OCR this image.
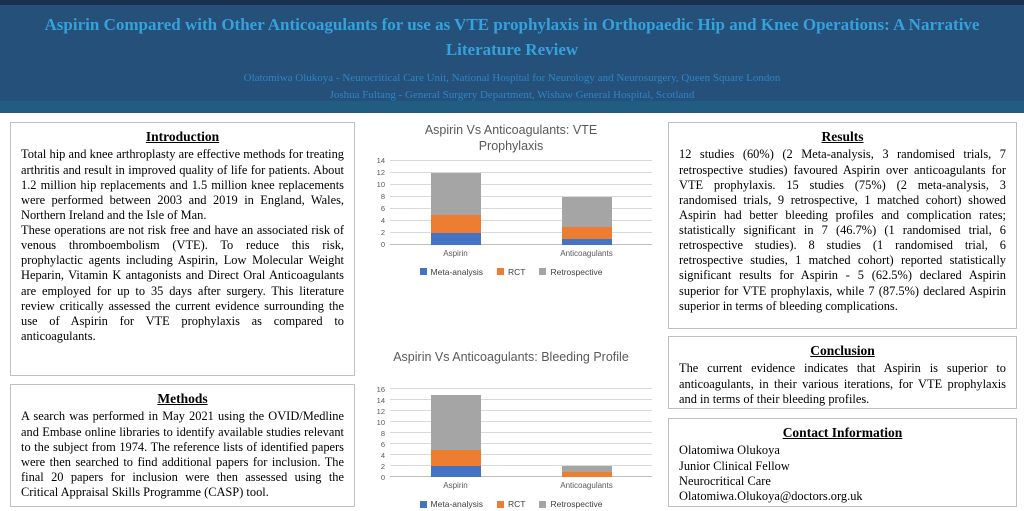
Aspirin Compared with Other Anticoagulants for use as VTE prophylaxis in Orthopaedic Hip and Knee Operations: A Narrative Literature Review
Olatomiwa Olukoya - Neurocritical Care Unit, National Hospital for Neurology and Neurosurgery, Queen Square London
Joshua Fultang - General Surgery Department, Wishaw General Hospital, Scotland
Introduction

Total hip and knee arthroplasty are effective methods for treating arthritis and result in improved quality of life for patients. About 1.2 million hip replacements and 1.5 million knee replacements were performed between 2003 and 2019 in England, Wales, Northern Ireland and the Isle of Man.

These operations are not risk free and have an associated risk of venous thromboembolism (VTE). To reduce this risk, prophylactic agents including Aspirin, Low Molecular Weight Heparin, Vitamin K antagonists and Direct Oral Anticoagulants are employed for up to 35 days after surgery. This literature review critically assessed the current evidence surrounding the use of Aspirin for VTE prophylaxis as compared to anticoagulants.

Methods

A search was performed in May 2021 using the OVID/Medline and Embase online libraries to identify available studies relevant to the subject from 1974. The reference lists of identified papers were then searched to find additional papers for inclusion. The final 20 papers for inclusion were then assessed using the Critical Appraisal Skills Programme (CASP) tool.

Aspirin Vs Anticoagulants: VTE Prophylaxis
0
2
4
6
8
10
12
14
Aspirin	Anticoagulants
Meta-analysis	RCT	Retrospective
Aspirin Vs Anticoagulants: Bleeding Profile
0
2
4
6
8
10
12
14
16
Aspirin	Anticoagulants
Meta-analysis	RCT	Retrospective
Results

12 studies (60%) (2 Meta-analysis, 3 randomised trials, 7 retrospective studies) favoured Aspirin over anticoagulants for VTE prophylaxis. 15 studies (75%) (2 meta-analysis, 3 randomised trials, 9 retrospective, 1 matched cohort) showed Aspirin had better bleeding profiles and complication rates; statistically significant in 7 (46.7%) (1 randomised trial, 6 retrospective studies). 8 studies (1 randomised trial, 6 retrospective studies, 1 matched cohort) reported statistically significant results for Aspirin - 5 (62.5%) declared Aspirin superior for VTE prophylaxis, while 7 (87.5%) declared Aspirin superior in terms of bleeding complications.

Conclusion

The current evidence indicates that Aspirin is superior to anticoagulants, in their various iterations, for VTE prophylaxis and in terms of their bleeding profiles.

Contact Information

Olatomiwa Olukoya

Junior Clinical Fellow

Neurocritical Care

Olatomiwa.Olukoya@doctors.org.uk
